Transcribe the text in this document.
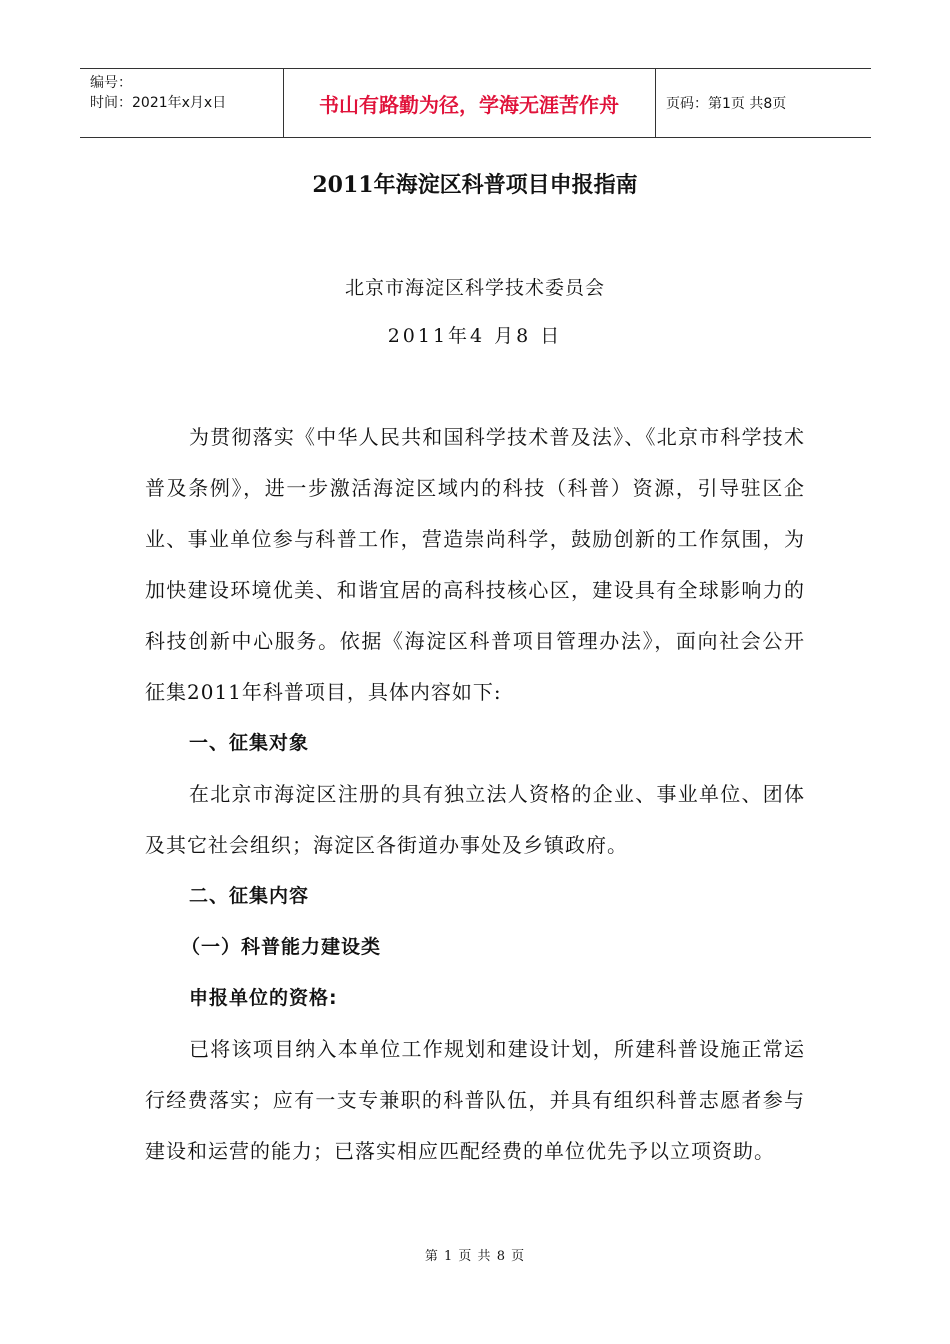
编号：
时间：2021年x月x日	书山有路勤为径，学海无涯苦作舟	页码：第1页 共8页
2011年海淀区科普项目申报指南
北京市海淀区科学技术委员会
2011年4 月8 日

为贯彻落实《中华人民共和国科学技术普及法》、《北京市科学技术普及条例》，进一步激活海淀区域内的科技（科普）资源，引导驻区企业、事业单位参与科普工作，营造崇尚科学，鼓励创新的工作氛围，为加快建设环境优美、和谐宜居的高科技核心区，建设具有全球影响力的科技创新中心服务。依据《海淀区科普项目管理办法》，面向社会公开征集2011年科普项目，具体内容如下:

一、征集对象

在北京市海淀区注册的具有独立法人资格的企业、事业单位、团体及其它社会组织；海淀区各街道办事处及乡镇政府。

二、征集内容

（一）科普能力建设类

申报单位的资格:

已将该项目纳入本单位工作规划和建设计划，所建科普设施正常运行经费落实；应有一支专兼职的科普队伍，并具有组织科普志愿者参与建设和运营的能力；已落实相应匹配经费的单位优先予以立项资助。

第 1 页 共 8 页
